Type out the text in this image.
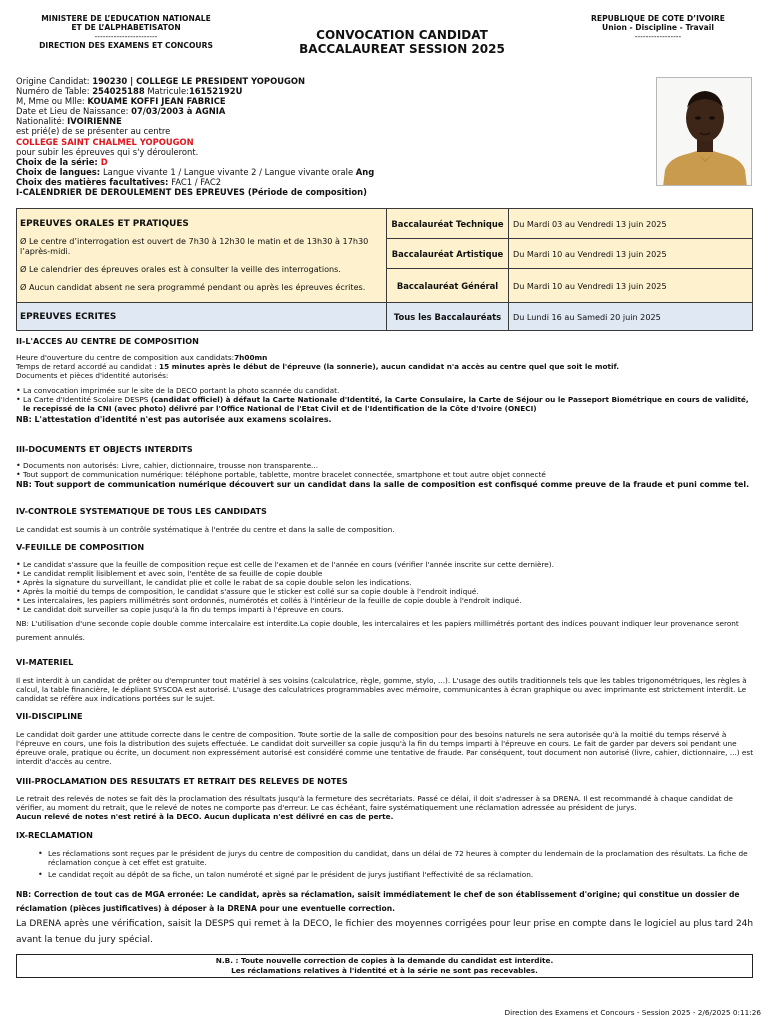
MINISTERE DE L’EDUCATION NATIONALE
ET DE L’ALPHABETISATON
-----------------------
DIRECTION DES EXAMENS ET CONCOURS
CONVOCATION CANDIDAT
BACCALAUREAT SESSION 2025
REPUBLIQUE DE COTE D’IVOIRE
Union - Discipline - Travail
-----------------
Origine Candidat: 190230 | COLLEGE LE PRESIDENT YOPOUGON
Numéro de Table: 254025188 Matricule:16152192U
M, Mme ou Mlle: KOUAME KOFFI JEAN FABRICE
Date et Lieu de Naissance: 07/03/2003 à AGNIA
Nationalité: IVOIRIENNE
est prié(e) de se présenter au centre
COLLEGE SAINT CHALMEL YOPOUGON
pour subir les épreuves qui s'y dérouleront.
Choix de la série: D
Choix de langues: Langue vivante 1 / Langue vivante 2 / Langue vivante orale Ang
Choix des matières facultatives: FAC1 / FAC2
I-CALENDRIER DE DEROULEMENT DES EPREUVES (Période de composition)
EPREUVES ORALES ET PRATIQUES
Ø Le centre d’interrogation est ouvert de 7h30 à 12h30 le matin et de 13h30 à 17h30 l’après-midi.
Ø Le calendrier des épreuves orales est à consulter la veille des interrogations.
Ø Aucun candidat absent ne sera programmé pendant ou après les épreuves écrites.	Baccalauréat Technique	Du Mardi 03 au Vendredi 13 juin 2025
	Baccalauréat Artistique	Du Mardi 10 au Vendredi 13 juin 2025
	Baccalauréat Général	Du Mardi 10 au Vendredi 13 juin 2025

EPREUVES ECRITES	Tous les Baccalauréats	Du Lundi 16 au Samedi 20 juin 2025
II-L'ACCES AU CENTRE DE COMPOSITION
Heure d'ouverture du centre de composition aux candidats:7h00mn
Temps de retard accordé au candidat : 15 minutes après le début de l'épreuve (la sonnerie), aucun candidat n'a accès au centre quel que soit le motif.
Documents et pièces d'identité autorisés:
• La convocation imprimée sur le site de la DECO portant la photo scannée du candidat.
• La Carte d'Identité Scolaire DESPS (candidat officiel) à défaut la Carte Nationale d'Identité, la Carte Consulaire, la Carte de Séjour ou le Passeport Biométrique en cours de validité, le recepissé de la CNI (avec photo) délivré par l'Office National de l'Etat Civil et de l'Identification de la Côte d'Ivoire (ONECI)
NB: L'attestation d'identité n'est pas autorisée aux examens scolaires.
III-DOCUMENTS ET OBJECTS INTERDITS
• Documents non autorisés: Livre, cahier, dictionnaire, trousse non transparente...
• Tout support de communication numérique: téléphone portable, tablette, montre bracelet connectée, smartphone et tout autre objet connecté
NB: Tout support de communication numérique découvert sur un candidat dans la salle de composition est confisqué comme preuve de la fraude et puni comme tel.
IV-CONTROLE SYSTEMATIQUE DE TOUS LES CANDIDATS
Le candidat est soumis à un contrôle systématique à l'entrée du centre et dans la salle de composition.
V-FEUILLE DE COMPOSITION
• Le candidat s'assure que la feuille de composition reçue est celle de l'examen et de l'année en cours (vérifier l'année inscrite sur cette dernière).
• Le candidat remplit lisiblement et avec soin, l'entête de sa feuille de copie double
• Après la signature du surveillant, le candidat plie et colle le rabat de sa copie double selon les indications.
• Après la moitié du temps de composition, le candidat s'assure que le sticker est collé sur sa copie double à l'endroit indiqué.
• Les intercalaires, les papiers millimétrés sont ordonnés, numérotés et collés à l'intérieur de la feuille de copie double à l'endroit indiqué.
• Le candidat doit surveiller sa copie jusqu'à la fin du temps imparti à l'épreuve en cours.
NB: L'utilisation d'une seconde copie double comme intercalaire est interdite.La copie double, les intercalaires et les papiers millimétrés portant des indices pouvant indiquer leur provenance seront purement annulés.
VI-MATERIEL
Il est interdit à un candidat de prêter ou d'emprunter tout matériel à ses voisins (calculatrice, règle, gomme, stylo, ...). L'usage des outils traditionnels tels que les tables trigonométriques, les règles à calcul, la table financière, le dépliant SYSCOA est autorisé. L'usage des calculatrices programmables avec mémoire, communicantes à écran graphique ou avec imprimante est strictement interdit. Le candidat se réfère aux indications portées sur le sujet.
VII-DISCIPLINE
Le candidat doit garder une attitude correcte dans le centre de composition. Toute sortie de la salle de composition pour des besoins naturels ne sera autorisée qu'à la moitié du temps réservé à l'épreuve en cours, une fois la distribution des sujets effectuée. Le candidat doit surveiller sa copie jusqu'à la fin du temps imparti à l'épreuve en cours. Le fait de garder par devers soi pendant une épreuve orale, pratique ou écrite, un document non expressément autorisé est considéré comme une tentative de fraude. Par conséquent, tout document non autorisé (livre, cahier, dictionnaire, ...) est interdit d'accès au centre.
VIII-PROCLAMATION DES RESULTATS ET RETRAIT DES RELEVES DE NOTES
Le retrait des relevés de notes se fait dès la proclamation des résultats jusqu'à la fermeture des secrétariats. Passé ce délai, il doit s'adresser à sa DRENA. Il est recommandé à chaque candidat de vérifier, au moment du retrait, que le relevé de notes ne comporte pas d'erreur. Le cas échéant, faire systématiquement une réclamation adressée au président de jurys.
Aucun relevé de notes n'est retiré à la DECO. Aucun duplicata n'est délivré en cas de perte.
IX-RECLAMATION
• Les réclamations sont reçues par le président de jurys du centre de composition du candidat, dans un délai de 72 heures à compter du lendemain de la proclamation des résultats. La fiche de réclamation conçue à cet effet est gratuite.
• Le candidat reçoit au dépôt de sa fiche, un talon numéroté et signé par le président de jurys justifiant l'effectivité de sa réclamation.
NB: Correction de tout cas de MGA erronée: Le candidat, après sa réclamation, saisit immédiatement le chef de son établissement d'origine; qui constitue un dossier de réclamation (pièces justificatives) à déposer à la DRENA pour une eventuelle correction.
La DRENA après une vérification, saisit la DESPS qui remet à la DECO, le fichier des moyennes corrigées pour leur prise en compte dans le logiciel au plus tard 24h avant la tenue du jury spécial.
N.B. : Toute nouvelle correction de copies à la demande du candidat est interdite.
Les réclamations relatives à l'identité et à la série ne sont pas recevables.
Direction des Examens et Concours - Session 2025 - 2/6/2025 0:11:26
